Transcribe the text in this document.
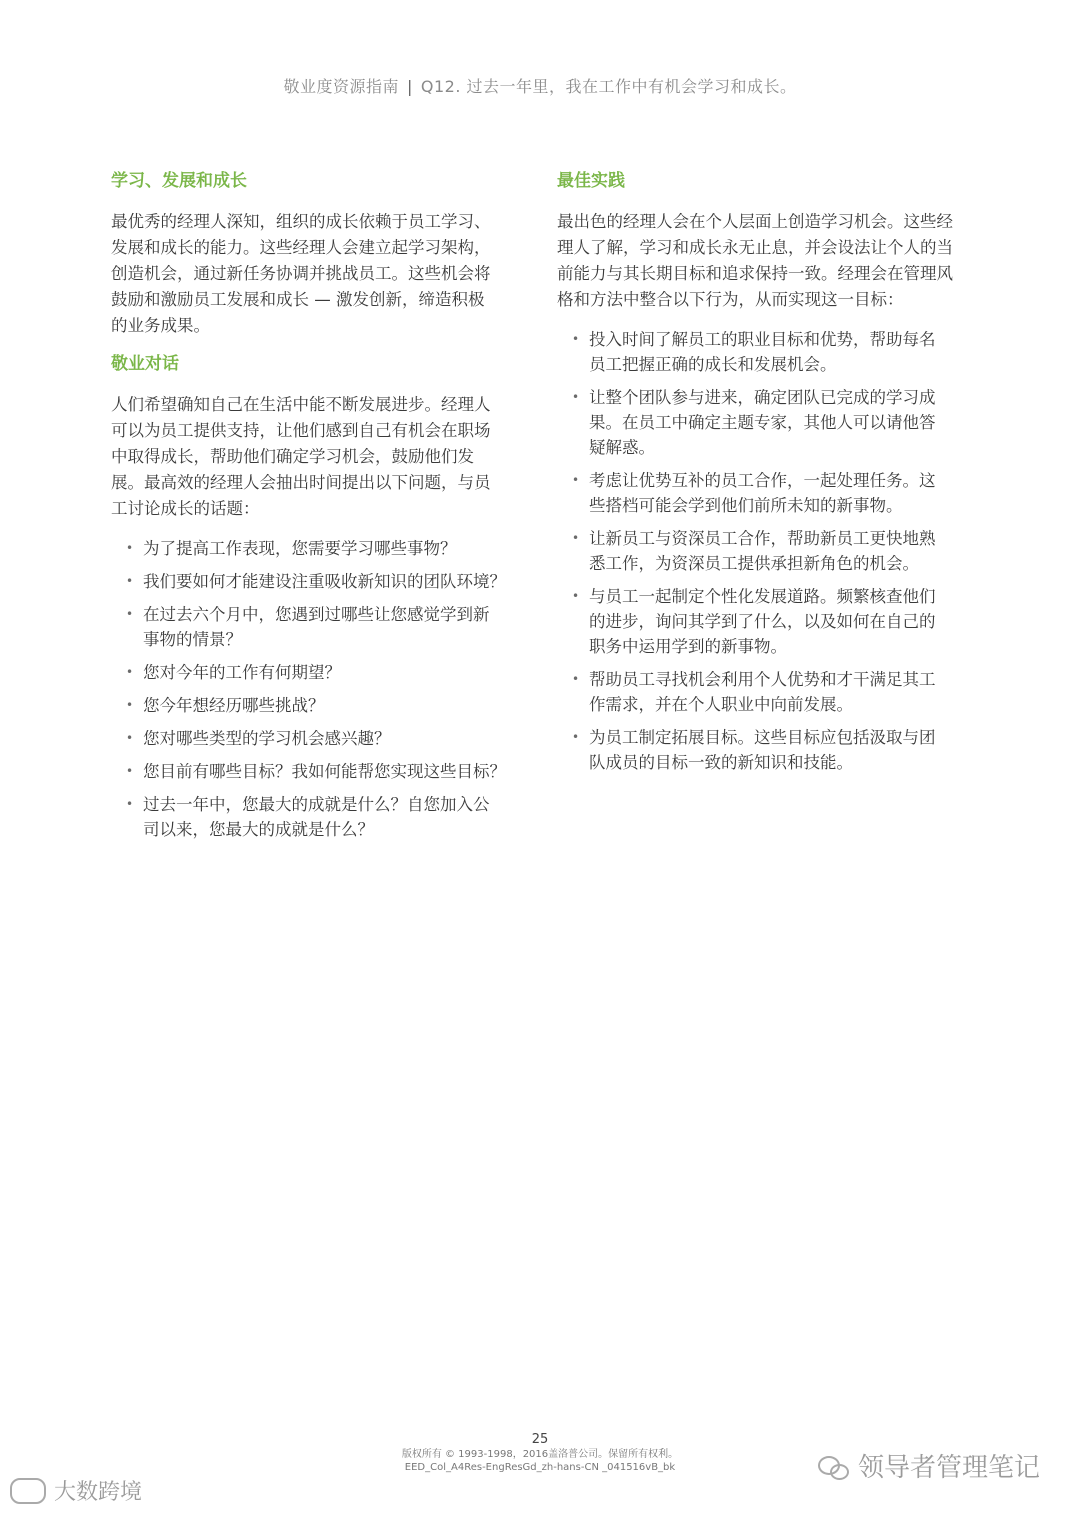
敬业度资源指南 | Q12. 过去一年里，我在工作中有机会学习和成长。
学习、发展和成长
最优秀的经理人深知，组织的成长依赖于员工学习、
发展和成长的能力。这些经理人会建立起学习架构，
创造机会，通过新任务协调并挑战员工。这些机会将
鼓励和激励员工发展和成长 — 激发创新，缔造积极
的业务成果。
敬业对话
人们希望确知自己在生活中能不断发展进步。经理人
可以为员工提供支持，让他们感到自己有机会在职场
中取得成长，帮助他们确定学习机会，鼓励他们发
展。最高效的经理人会抽出时间提出以下问题，与员
工讨论成长的话题：
• 为了提高工作表现，您需要学习哪些事物？
• 我们要如何才能建设注重吸收新知识的团队环境？
• 在过去六个月中，您遇到过哪些让您感觉学到新
事物的情景？
• 您对今年的工作有何期望？
• 您今年想经历哪些挑战？
• 您对哪些类型的学习机会感兴趣？
• 您目前有哪些目标？我如何能帮您实现这些目标？
• 过去一年中，您最大的成就是什么？自您加入公
司以来，您最大的成就是什么？
最佳实践
最出色的经理人会在个人层面上创造学习机会。这些经
理人了解，学习和成长永无止息，并会设法让个人的当
前能力与其长期目标和追求保持一致。经理会在管理风
格和方法中整合以下行为，从而实现这一目标：
• 投入时间了解员工的职业目标和优势，帮助每名
员工把握正确的成长和发展机会。
• 让整个团队参与进来，确定团队已完成的学习成
果。在员工中确定主题专家，其他人可以请他答
疑解惑。
• 考虑让优势互补的员工合作，一起处理任务。这
些搭档可能会学到他们前所未知的新事物。
• 让新员工与资深员工合作，帮助新员工更快地熟
悉工作，为资深员工提供承担新角色的机会。
• 与员工一起制定个性化发展道路。频繁核查他们
的进步，询问其学到了什么，以及如何在自己的
职务中运用学到的新事物。
• 帮助员工寻找机会利用个人优势和才干满足其工
作需求，并在个人职业中向前发展。
• 为员工制定拓展目标。这些目标应包括汲取与团
队成员的目标一致的新知识和技能。
25
版权所有 © 1993-1998，2016盖洛普公司。保留所有权利。
EED_Col_A4Res-EngResGd_zh-hans-CN _041516vB_bk
大数跨境
领导者管理笔记
